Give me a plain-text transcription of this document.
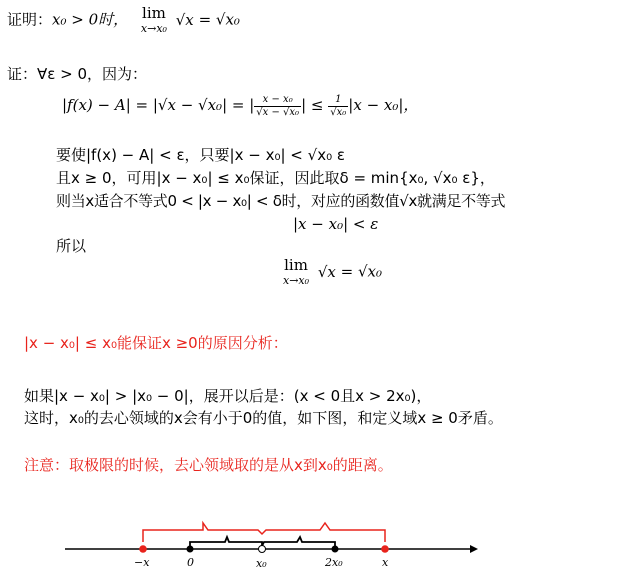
证明：x₀ > 0时， lim
x→x₀ √x = √x₀
证：∀ε > 0，因为：
|f(x) − A| = |√x − √x₀| = | $\frac{\text{x − x₀}}{\text{√x − √x₀}}$ | ≤ $\frac{1}{\text{√x₀}} |x - x_0|$，
要使|f(x) − A| < ε，只要|x − x₀| < √x₀ ε
且x ≥ 0，可用|x − x₀| ≤ x₀保证，因此取δ = min{x₀, √x₀ ε}，
则当x适合不等式0 < |x − x₀| < δ时，对应的函数值√x就满足不等式
|x − x₀| < ε
所以
lim
x→x₀ √x = √x₀
|x − x₀| ≤ x₀能保证x ≥0的原因分析：
如果|x − x₀| > |x₀ − 0|，展开以后是：(x < 0且x > 2x₀)，
这时，x₀的去心领域的x会有小于0的值，如下图，和定义域x ≥ 0矛盾。
注意：取极限的时候，去心领域取的是从x到x₀的距离。
−x	0	x₀	2x₀	x
